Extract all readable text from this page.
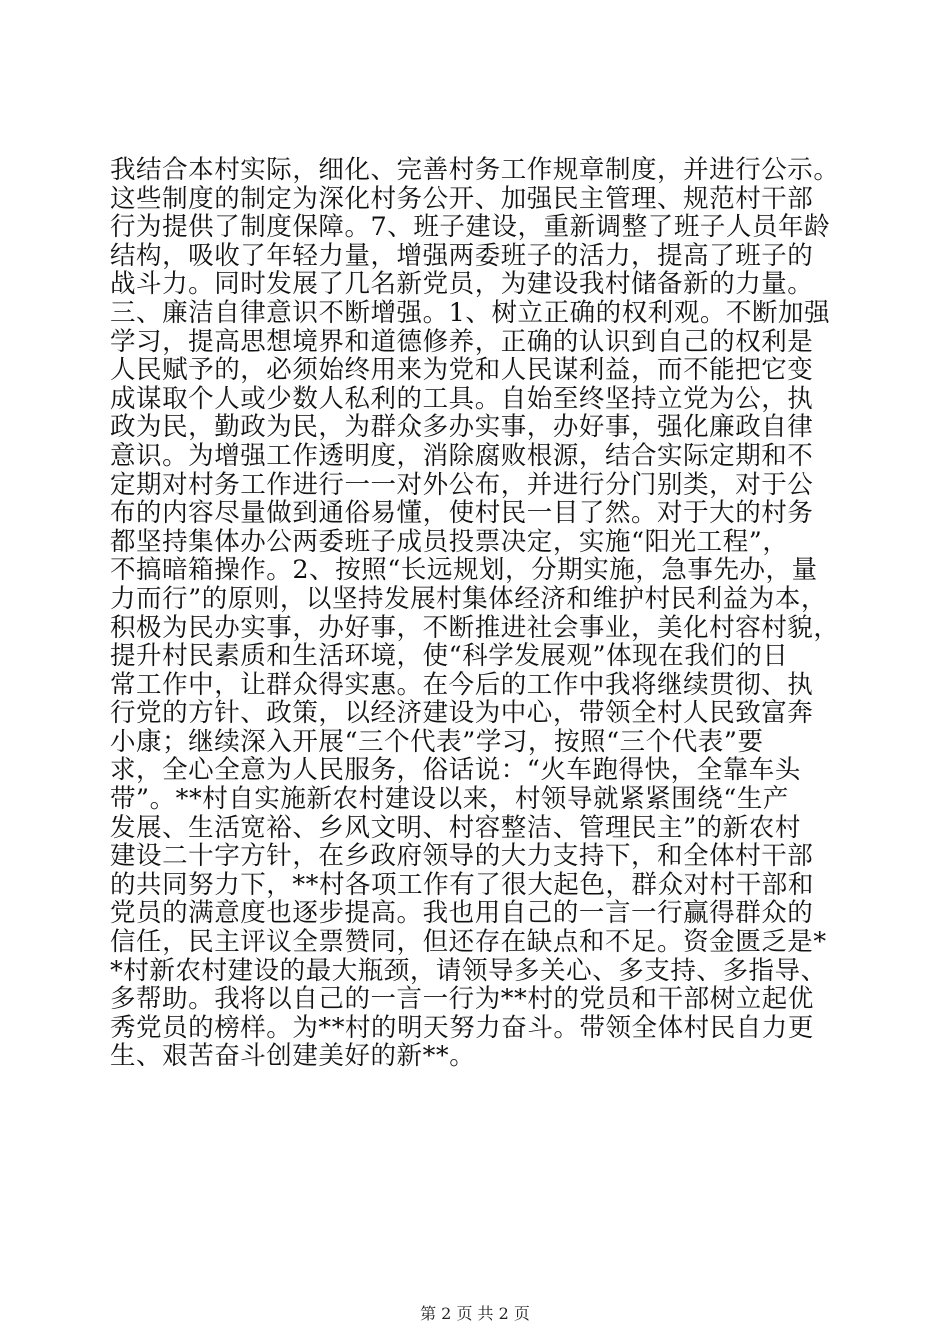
我结合本村实际，细化、完善村务工作规章制度，并进行公示。
这些制度的制定为深化村务公开、加强民主管理、规范村干部
行为提供了制度保障。7、班子建设，重新调整了班子人员年龄
结构，吸收了年轻力量，增强两委班子的活力，提高了班子的
战斗力。同时发展了几名新党员，为建设我村储备新的力量。
三、廉洁自律意识不断增强。1、树立正确的权利观。不断加强
学习，提高思想境界和道德修养，正确的认识到自己的权利是
人民赋予的，必须始终用来为党和人民谋利益，而不能把它变
成谋取个人或少数人私利的工具。自始至终坚持立党为公，执
政为民，勤政为民，为群众多办实事，办好事，强化廉政自律
意识。为增强工作透明度，消除腐败根源，结合实际定期和不
定期对村务工作进行一一对外公布，并进行分门别类，对于公
布的内容尽量做到通俗易懂，使村民一目了然。对于大的村务
都坚持集体办公两委班子成员投票决定，实施“阳光工程”，
不搞暗箱操作。2、按照“长远规划，分期实施，急事先办，量
力而行”的原则，以坚持发展村集体经济和维护村民利益为本，
积极为民办实事，办好事，不断推进社会事业，美化村容村貌，
提升村民素质和生活环境，使“科学发展观”体现在我们的日
常工作中，让群众得实惠。在今后的工作中我将继续贯彻、执
行党的方针、政策，以经济建设为中心，带领全村人民致富奔
小康；继续深入开展“三个代表”学习，按照“三个代表”要
求，全心全意为人民服务，俗话说：“火车跑得快，全靠车头
带”。**村自实施新农村建设以来，村领导就紧紧围绕“生产
发展、生活宽裕、乡风文明、村容整洁、管理民主”的新农村
建设二十字方针，在乡政府领导的大力支持下，和全体村干部
的共同努力下，**村各项工作有了很大起色，群众对村干部和
党员的满意度也逐步提高。我也用自己的一言一行赢得群众的
信任，民主评议全票赞同，但还存在缺点和不足。资金匮乏是*
*村新农村建设的最大瓶颈，请领导多关心、多支持、多指导、
多帮助。我将以自己的一言一行为**村的党员和干部树立起优
秀党员的榜样。为**村的明天努力奋斗。带领全体村民自力更
生、艰苦奋斗创建美好的新**。
第 2 页 共 2 页
